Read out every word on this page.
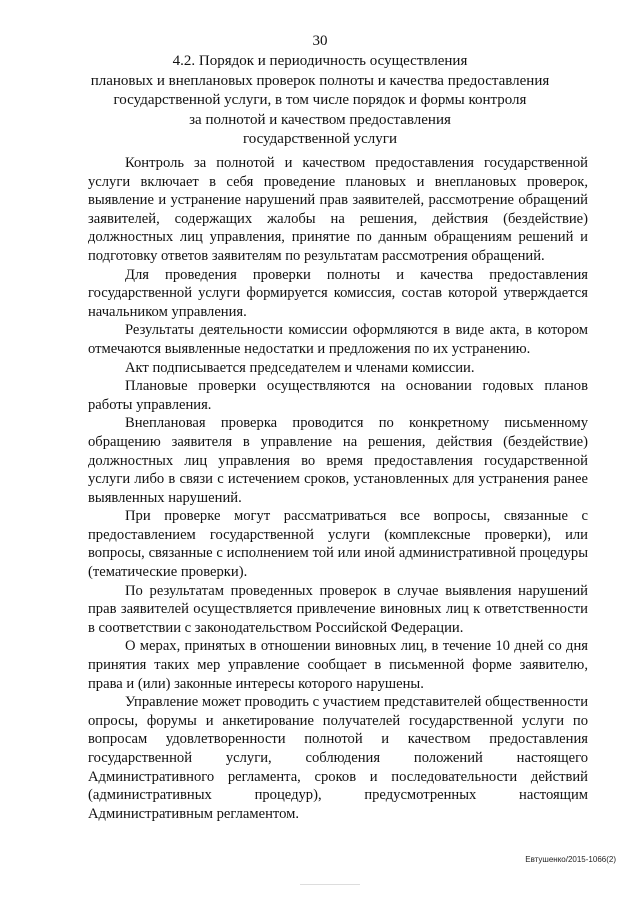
30
4.2. Порядок и периодичность осуществления
плановых и внеплановых проверок полноты и качества предоставления
государственной услуги, в том числе порядок и формы контроля
за полнотой и качеством предоставления
государственной услуги

Контроль за полнотой и качеством предоставления государственной услуги включает в себя проведение плановых и внеплановых проверок, выявление и устранение нарушений прав заявителей, рассмотрение обращений заявителей, содержащих жалобы на решения, действия (бездействие) должностных лиц управления, принятие по данным обращениям решений и подготовку ответов заявителям по результатам рассмотрения обращений.

Для проведения проверки полноты и качества предоставления государственной услуги формируется комиссия, состав которой утверждается начальником управления.

Результаты деятельности комиссии оформляются в виде акта, в котором отмечаются выявленные недостатки и предложения по их устранению.

Акт подписывается председателем и членами комиссии.

Плановые проверки осуществляются на основании годовых планов работы управления.

Внеплановая проверка проводится по конкретному письменному обращению заявителя в управление на решения, действия (бездействие) должностных лиц управления во время предоставления государственной услуги либо в связи с истечением сроков, установленных для устранения ранее выявленных нарушений.

При проверке могут рассматриваться все вопросы, связанные с предоставлением государственной услуги (комплексные проверки), или вопросы, связанные с исполнением той или иной административной процедуры (тематические проверки).

По результатам проведенных проверок в случае выявления нарушений прав заявителей осуществляется привлечение виновных лиц к ответственности в соответствии с законодательством Российской Федерации.

О мерах, принятых в отношении виновных лиц, в течение 10 дней со дня принятия таких мер управление сообщает в письменной форме заявителю, права и (или) законные интересы которого нарушены.

Управление может проводить с участием представителей общественности опросы, форумы и анкетирование получателей государственной услуги по вопросам удовлетворенности полнотой и качеством предоставления государственной услуги, соблюдения положений настоящего Административного регламента, сроков и последовательности действий (административных процедур), предусмотренных настоящим Административным регламентом.

Евтушенко/2015-1066(2)
